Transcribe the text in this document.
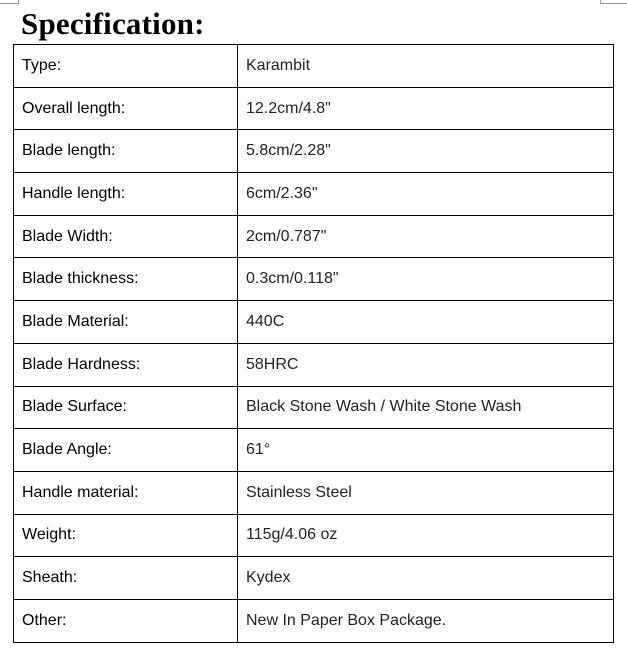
Specification:
Type:	Karambit
Overall length:	12.2cm/4.8"
Blade length:	5.8cm/2.28"
Handle length:	6cm/2.36"
Blade Width:	2cm/0.787"
Blade thickness:	0.3cm/0.118"
Blade Material:	440C
Blade Hardness:	58HRC
Blade Surface:	Black Stone Wash / White Stone Wash
Blade Angle:	61°
Handle material:	Stainless Steel
Weight:	115g/4.06 oz
Sheath:	Kydex
Other:	New In Paper Box Package.
